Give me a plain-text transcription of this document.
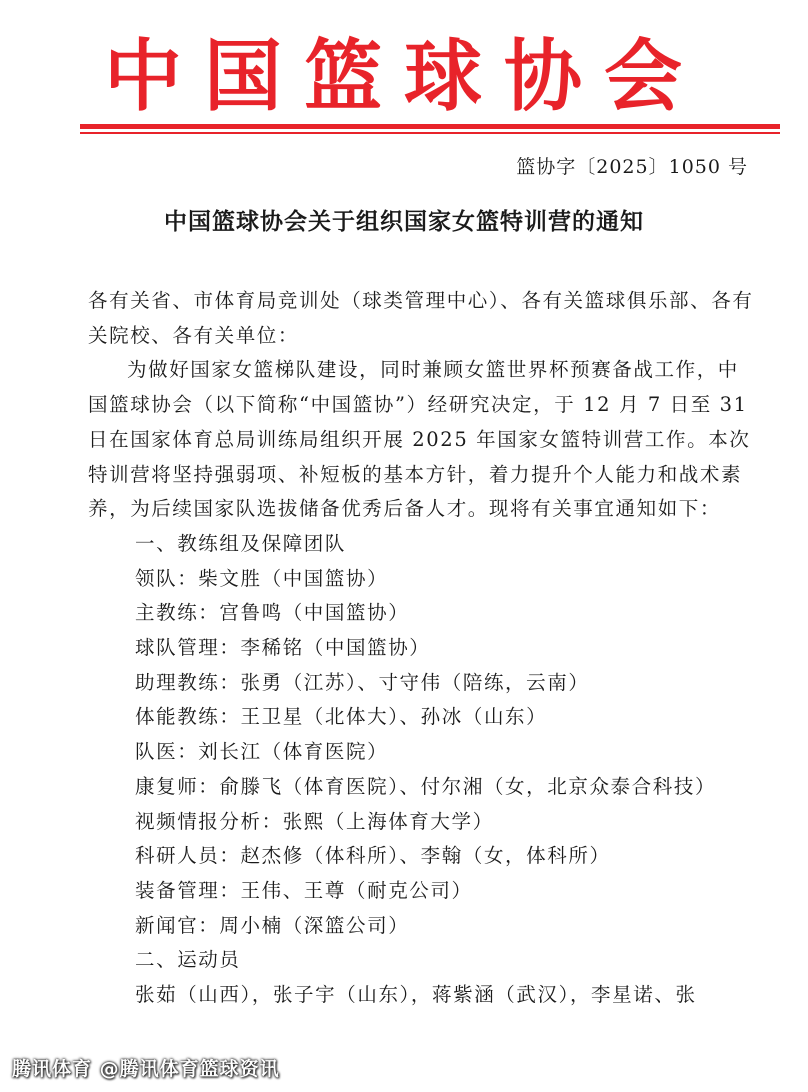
中国篮球协会
篮协字〔2025〕1050 号
中国篮球协会关于组织国家女篮特训营的通知

各有关省、市体育局竞训处（球类管理中心）、各有关篮球俱乐部、各有关院校、各有关单位：

为做好国家女篮梯队建设，同时兼顾女篮世界杯预赛备战工作，中国篮球协会（以下简称“中国篮协”）经研究决定，于 12 月 7 日至 31 日在国家体育总局训练局组织开展 2025 年国家女篮特训营工作。本次特训营将坚持强弱项、补短板的基本方针，着力提升个人能力和战术素养，为后续国家队选拔储备优秀后备人才。现将有关事宜通知如下：

一、教练组及保障团队

领队：柴文胜（中国篮协）

主教练：宫鲁鸣（中国篮协）

球队管理：李稀铭（中国篮协）

助理教练：张勇（江苏）、寸守伟（陪练，云南）

体能教练：王卫星（北体大）、孙冰（山东）

队医：刘长江（体育医院）

康复师：俞滕飞（体育医院）、付尔湘（女，北京众泰合科技）

视频情报分析：张熙（上海体育大学）

科研人员：赵杰修（体科所）、李翰（女，体科所）

装备管理：王伟、王尊（耐克公司）

新闻官：周小楠（深篮公司）

二、运动员

张茹（山西），张子宇（山东），蒋紫涵（武汉），李星诺、张

腾讯体育 @腾讯体育篮球资讯
